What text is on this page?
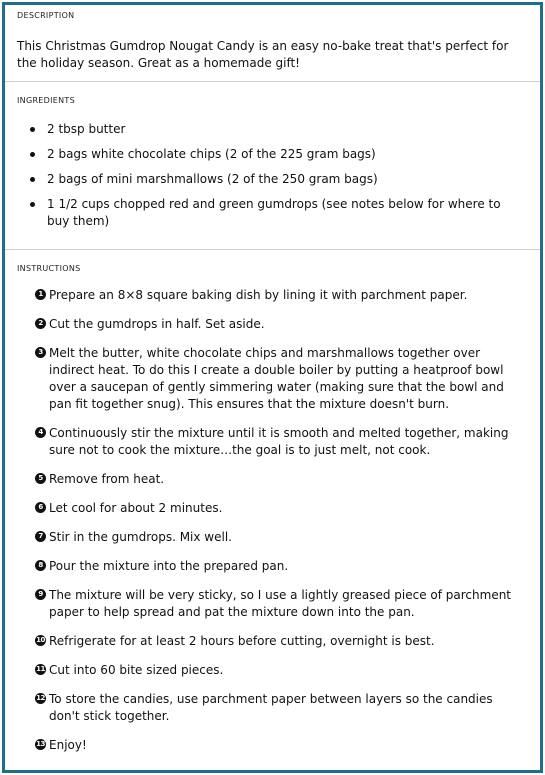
DESCRIPTION
This Christmas Gumdrop Nougat Candy is an easy no-bake treat that's perfect for the holiday season. Great as a homemade gift!
INGREDIENTS
2 tbsp butter
2 bags white chocolate chips (2 of the 225 gram bags)
2 bags of mini marshmallows (2 of the 250 gram bags)
1 1/2 cups chopped red and green gumdrops (see notes below for where to buy them)
INSTRUCTIONS
1 Prepare an 8×8 square baking dish by lining it with parchment paper.
2 Cut the gumdrops in half. Set aside.
3 Melt the butter, white chocolate chips and marshmallows together over indirect heat. To do this I create a double boiler by putting a heatproof bowl over a saucepan of gently simmering water (making sure that the bowl and pan fit together snug). This ensures that the mixture doesn't burn.
4 Continuously stir the mixture until it is smooth and melted together, making sure not to cook the mixture…the goal is to just melt, not cook.
5 Remove from heat.
6 Let cool for about 2 minutes.
7 Stir in the gumdrops. Mix well.
8 Pour the mixture into the prepared pan.
9 The mixture will be very sticky, so I use a lightly greased piece of parchment paper to help spread and pat the mixture down into the pan.
10 Refrigerate for at least 2 hours before cutting, overnight is best.
11 Cut into 60 bite sized pieces.
12 To store the candies, use parchment paper between layers so the candies don't stick together.
13 Enjoy!
